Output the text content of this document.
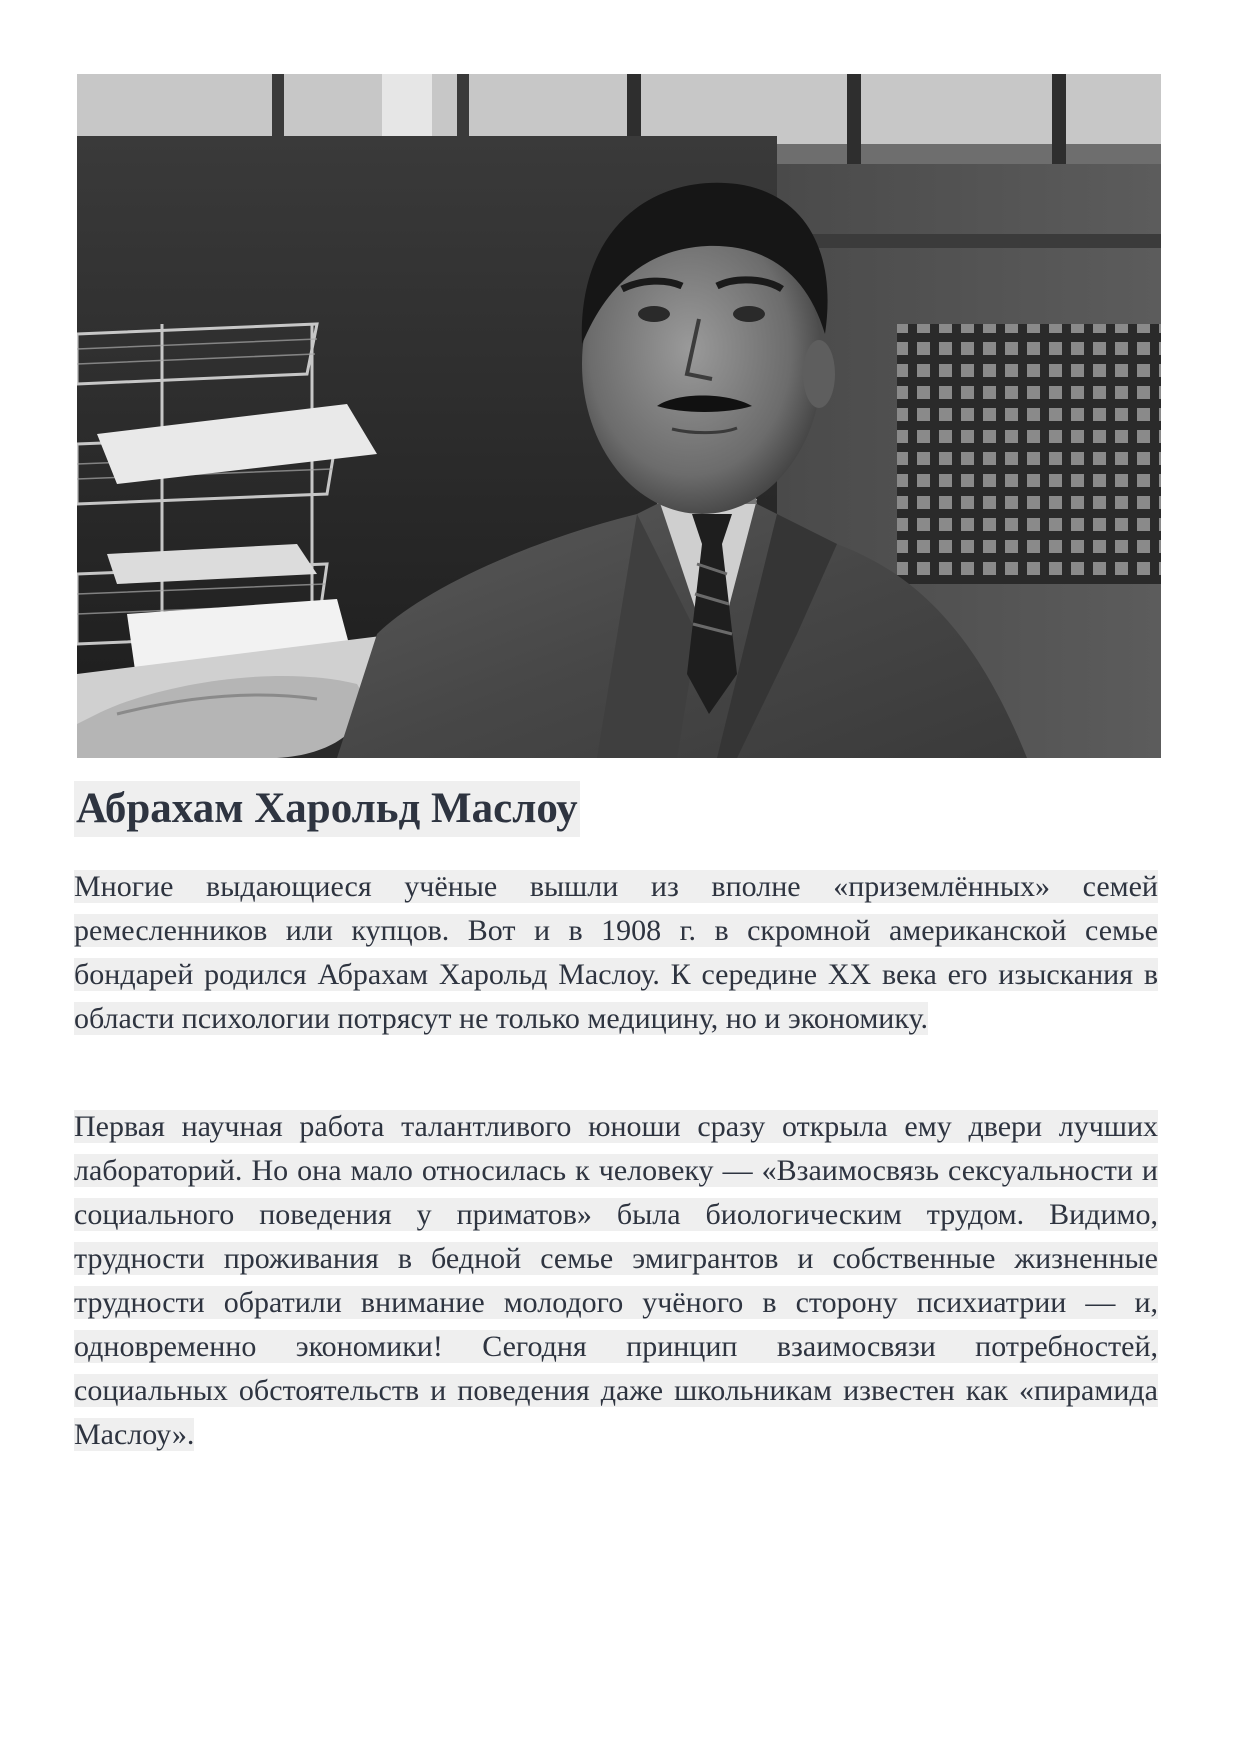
Абрахам Харольд Маслоу

Многие выдающиеся учёные вышли из вполне «приземлённых» семей ремесленников или купцов. Вот и в 1908 г. в скромной американской семье бондарей родился Абрахам Харольд Маслоу. К середине XX века его изыскания в области психологии потрясут не только медицину, но и экономику.

Первая научная работа талантливого юноши сразу открыла ему двери лучших лабораторий. Но она мало относилась к человеку — «Взаимосвязь сексуальности и социального поведения у приматов» была биологическим трудом. Видимо, трудности проживания в бедной семье эмигрантов и собственные жизненные трудности обратили внимание молодого учёного в сторону психиатрии — и, одновременно экономики! Сегодня принцип взаимосвязи потребностей, социальных обстоятельств и поведения даже школьникам известен как «пирамида Маслоу».
